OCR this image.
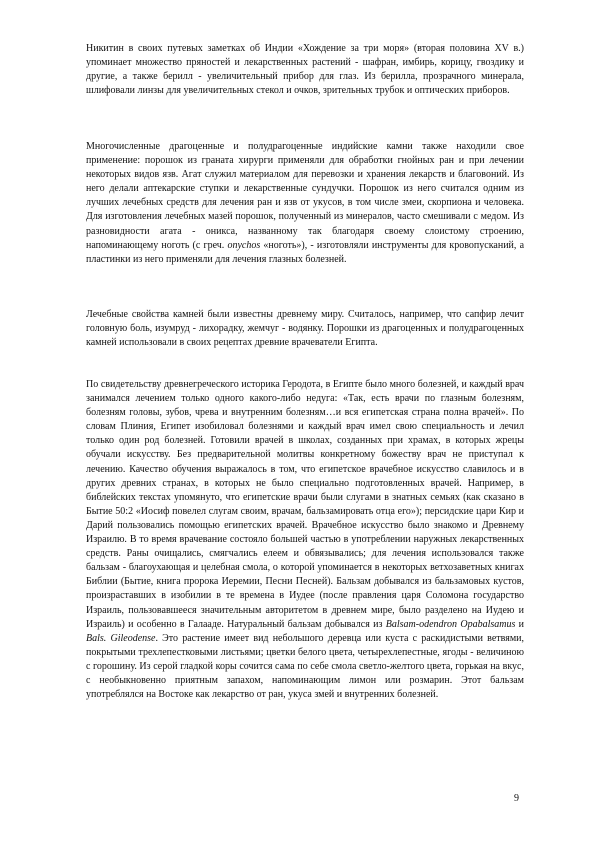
Никитин в своих путевых заметках об Индии «Хождение за три моря» (вторая половина XV в.) упоминает множество пряностей и лекарственных растений - шафран, имбирь, корицу, гвоздику и другие, а также берилл - увеличительный прибор для глаз. Из берилла, прозрачного минерала, шлифовали линзы для увеличительных стекол и очков, зрительных трубок и оптических приборов.

Многочисленные драгоценные и полудрагоценные индийские камни также находили свое применение: порошок из граната хирурги применяли для обработки гнойных ран и при лечении некоторых видов язв. Агат служил материалом для перевозки и хранения лекарств и благовоний. Из него делали аптекарские ступки и лекарственные сундучки. Порошок из него считался одним из лучших лечебных средств для лечения ран и язв от укусов, в том числе змеи, скорпиона и человека. Для изготовления лечебных мазей порошок, полученный из минералов, часто смешивали с медом. Из разновидности агата - оникса, названному так благодаря своему слоистому строению, напоминающему ноготь (с греч. onychos «ноготь»), - изготовляли инструменты для кровопусканий, а пластинки из него применяли для лечения глазных болезней.

Лечебные свойства камней были известны древнему миру. Считалось, например, что сапфир лечит головную боль, изумруд - лихорадку, жемчуг - водянку. Порошки из драгоценных и полудрагоценных камней использовали в своих рецептах древние врачеватели Египта.

По свидетельству древнегреческого историка Геродота, в Египте было много болезней, и каждый врач занимался лечением только одного какого-либо недуга: «Так, есть врачи по глазным болезням, болезням головы, зубов, чрева и внутренним болезням…и вся египетская страна полна врачей». По словам Плиния, Египет изобиловал болезнями и каждый врач имел свою специальность и лечил только один род болезней. Готовили врачей в школах, созданных при храмах, в которых жрецы обучали искусству. Без предварительной молитвы конкретному божеству врач не приступал к лечению. Качество обучения выражалось в том, что египетское врачебное искусство славилось и в других древних странах, в которых не было специально подготовленных врачей. Например, в библейских текстах упомянуто, что египетские врачи были слугами в знатных семьях (как сказано в Бытие 50:2 «Иосиф повелел слугам своим, врачам, бальзамировать отца его»); персидские цари Кир и Дарий пользовались помощью египетских врачей. Врачебное искусство было знакомо и Древнему Израилю. В то время врачевание состояло большей частью в употреблении наружных лекарственных средств. Раны очищались, смягчались елеем и обвязывались; для лечения использовался также бальзам - благоухающая и целебная смола, о которой упоминается в некоторых ветхозаветных книгах Библии (Бытие, книга пророка Иеремии, Песни Песней). Бальзам добывался из бальзамовых кустов, произраставших в изобилии в те времена в Иудее (после правления царя Соломона государство Израиль, пользовавшееся значительным авторитетом в древнем мире, было разделено на Иудею и Израиль) и особенно в Галааде. Натуральный бальзам добывался из Balsam-odendron Opabalsamus и Bals. Gileodense. Это растение имеет вид небольшого деревца или куста с раскидистыми ветвями, покрытыми трехлепестковыми листьями; цветки белого цвета, четырехлепестные, ягоды - величиною с горошину. Из серой гладкой коры сочится сама по себе смола светло-желтого цвета, горькая на вкус, с необыкновенно приятным запахом, напоминающим лимон или розмарин. Этот бальзам употреблялся на Востоке как лекарство от ран, укуса змей и внутренних болезней.

9
